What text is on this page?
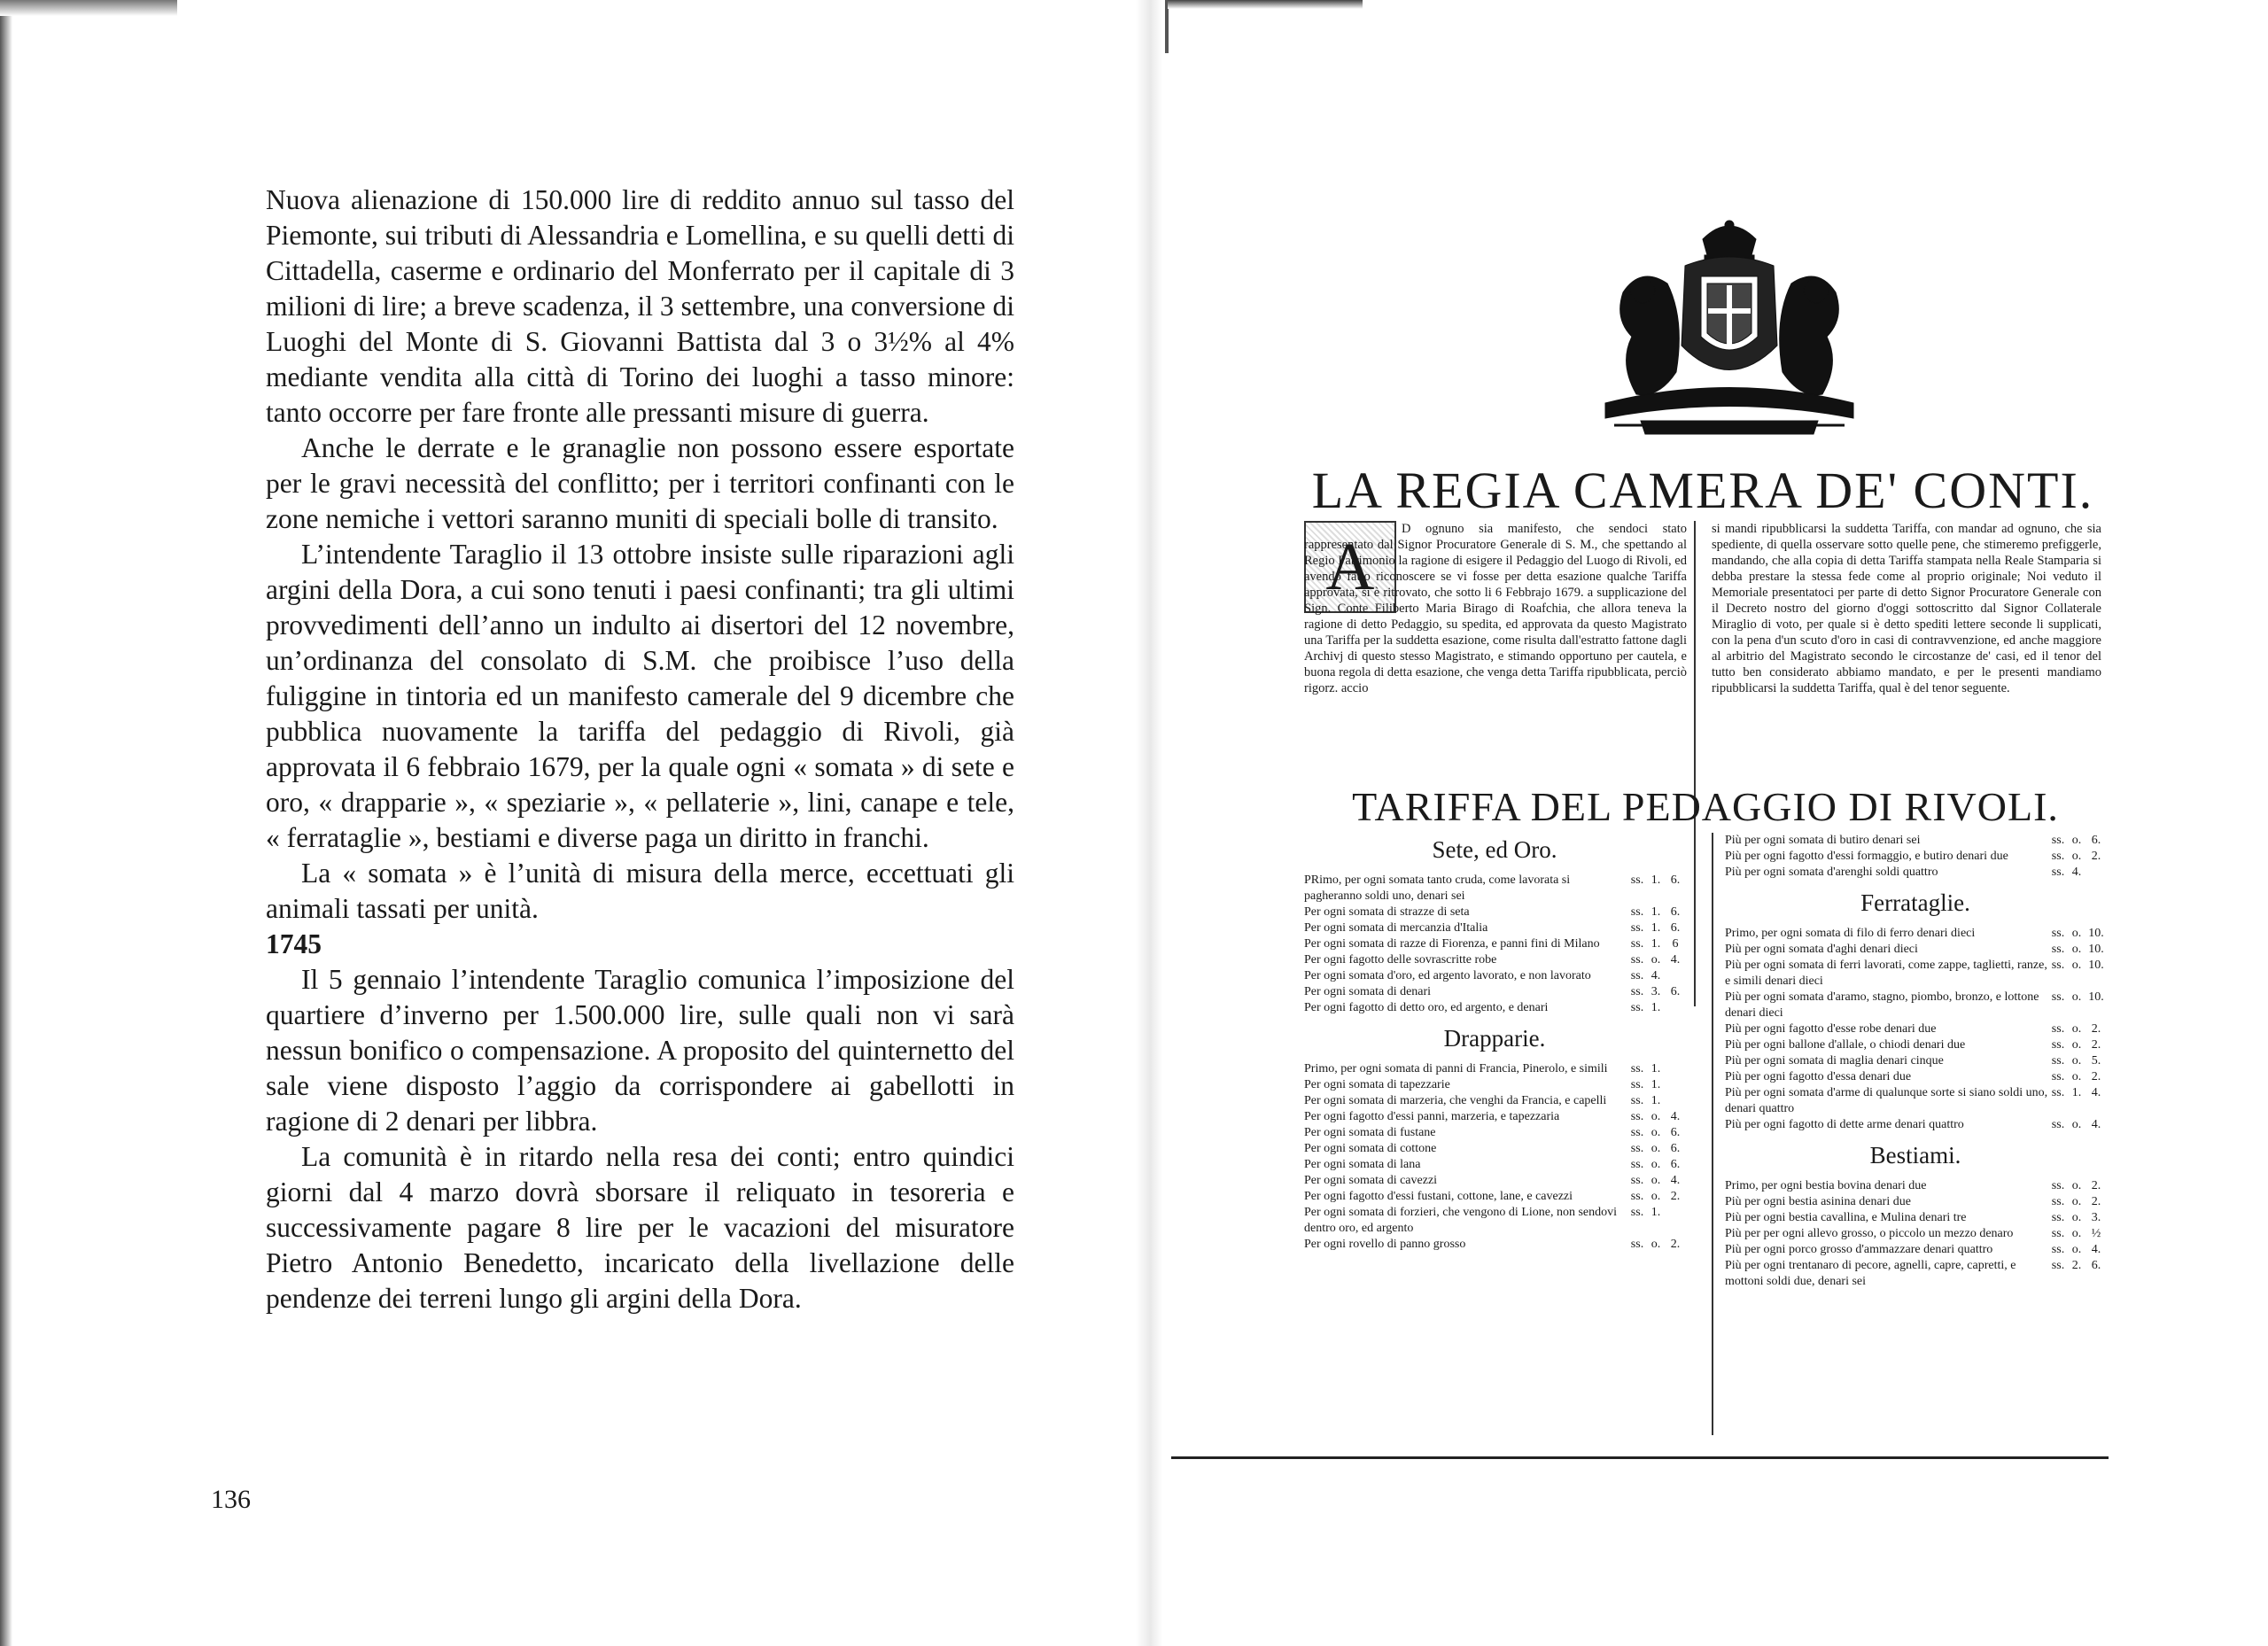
Nuova alienazione di 150.000 lire di reddito annuo sul tasso del Piemonte, sui tributi di Alessandria e Lomellina, e su quelli detti di Cittadella, caserme e ordinario del Monferrato per il capitale di 3 milioni di lire; a breve scadenza, il 3 settembre, una conversione di Luoghi del Monte di S. Giovanni Battista dal 3 o 3½% al 4% mediante vendita alla città di Torino dei luoghi a tasso minore: tanto occorre per fare fronte alle pressanti misure di guerra.

Anche le derrate e le granaglie non possono essere esportate per le gravi necessità del conflitto; per i territori confinanti con le zone nemiche i vettori saranno muniti di speciali bolle di transito.

L’intendente Taraglio il 13 ottobre insiste sulle riparazioni agli argini della Dora, a cui sono tenuti i paesi confinanti; tra gli ultimi provvedimenti dell’anno un indulto ai disertori del 12 novembre, un’ordinanza del consolato di S.M. che proibisce l’uso della fuliggine in tintoria ed un manifesto camerale del 9 dicembre che pubblica nuovamente la tariffa del pedaggio di Rivoli, già approvata il 6 febbraio 1679, per la quale ogni « somata » di sete e oro, « drapparie », « speziarie », « pellaterie », lini, canape e tele, « ferrataglie », bestiami e diverse paga un diritto in franchi.

La « somata » è l’unità di misura della merce, eccettuati gli animali tassati per unità.

1745

Il 5 gennaio l’intendente Taraglio comunica l’imposizione del quartiere d’inverno per 1.500.000 lire, sulle quali non vi sarà nessun bonifico o compensazione. A proposito del quinternetto del sale viene disposto l’aggio da corrispondere ai gabellotti in ragione di 2 denari per libbra.

La comunità è in ritardo nella resa dei conti; entro quindici giorni dal 4 marzo dovrà sborsare il reliquato in tesoreria e successivamente pagare 8 lire per le vacazioni del misuratore Pietro Antonio Benedetto, incaricato della livellazione delle pendenze dei terreni lungo gli argini della Dora.

136
LA REGIA CAMERA DE' CONTI.
A
D ognuno sia manifesto, che sendoci stato rappresentato dal Signor Procuratore Generale di S. M., che spettando al Regio Patrimonio la ragione di esigere il Pedaggio del Luogo di Rivoli, ed avendo fatto riconoscere se vi fosse per detta esazione qualche Tariffa approvata, si è ritrovato, che sotto li 6 Febbrajo 1679. a supplicazione del Sign. Conte Filiberto Maria Birago di Roafchia, che allora teneva la ragione di detto Pedaggio, su spedita, ed approvata da questo Magistrato una Tariffa per la suddetta esazione, come risulta dall'estratto fattone dagli Archivj di questo stesso Magistrato, e stimando opportuno per cautela, e buona regola di detta esazione, che venga detta Tariffa ripubblicata, perciò rigorz. accio
si mandi ripubblicarsi la suddetta Tariffa, con mandar ad ognuno, che sia spediente, di quella osservare sotto quelle pene, che stimeremo prefiggerle, mandando, che alla copia di detta Tariffa stampata nella Reale Stamparia si debba prestare la stessa fede come al proprio originale; Noi veduto il Memoriale presentatoci per parte di detto Signor Procuratore Generale con il Decreto nostro del giorno d'oggi sottoscritto dal Signor Collaterale Miraglio di voto, per quale si è detto spediti lettere seconde li supplicati, con la pena d'un scuto d'oro in casi di contravvenzione, ed anche maggiore al arbitrio del Magistrato secondo le circostanze de' casi, ed il tenor del tutto ben considerato abbiamo mandato, e per le presenti mandiamo ripubblicarsi la suddetta Tariffa, qual è del tenor seguente.
TARIFFA DEL PEDAGGIO DI RIVOLI.
Sete, ed Oro.
PRimo, per ogni somata tanto cruda, come lavorata si pagheranno soldi uno, denari sei
ss. 1. 6.
Per ogni somata di strazze di seta	ss. 1. 6.
Per ogni somata di mercanzia d'Italia	ss. 1. 6.
Per ogni somata di razze di Fiorenza, e panni fini di Milano	ss. 1. 6
Per ogni fagotto delle sovrascritte robe	ss. o. 4.
Per ogni somata d'oro, ed argento lavorato, e non lavorato	ss. 4.
Per ogni somata di denari	ss. 3. 6.
Per ogni fagotto di detto oro, ed argento, e denari	ss. 1.
Drapparie.
Primo, per ogni somata di panni di Francia, Pinerolo, e simili	ss. 1.
Per ogni somata di tapezzarie	ss. 1.
Per ogni somata di marzeria, che venghi da Francia, e capelli	ss. 1.
Per ogni fagotto d'essi panni, marzeria, e tapezzaria	ss. o. 4.
Per ogni somata di fustane	ss. o. 6.
Per ogni somata di cottone	ss. o. 6.
Per ogni somata di lana	ss. o. 6.
Per ogni somata di cavezzi	ss. o. 4.
Per ogni fagotto d'essi fustani, cottone, lane, e cavezzi	ss. o. 2.
Per ogni somata di forzieri, che vengono di Lione, non sendovi dentro oro, ed argento
ss. 1.
Per ogni rovello di panno grosso	ss. o. 2.
Più per ogni somata di butiro denari sei	ss. o. 6.
Più per ogni fagotto d'essi formaggio, e butiro denari due	ss. o. 2.
Più per ogni somata d'arenghi soldi quattro	ss. 4.
Ferrataglie.
Primo, per ogni somata di filo di ferro denari dieci	ss. o. 10.
Più per ogni somata d'aghi denari dieci	ss. o. 10.
Più per ogni somata di ferri lavorati, come zappe, taglietti, ranze, e simili denari dieci
ss. o. 10.
Più per ogni somata d'aramo, stagno, piombo, bronzo, e lottone denari dieci
ss. o. 10.
Più per ogni fagotto d'esse robe denari due	ss. o. 2.
Più per ogni ballone d'allale, o chiodi denari due	ss. o. 2.
Più per ogni somata di maglia denari cinque	ss. o. 5.
Più per ogni fagotto d'essa denari due	ss. o. 2.
Più per ogni somata d'arme di qualunque sorte si siano soldi uno, denari quattro
ss. 1. 4.
Più per ogni fagotto di dette arme denari quattro	ss. o. 4.
Bestiami.
Primo, per ogni bestia bovina denari due	ss. o. 2.
Più per ogni bestia asinina denari due	ss. o. 2.
Più per ogni bestia cavallina, e Mulina denari tre	ss. o. 3.
Più per per ogni allevo grosso, o piccolo un mezzo denaro	ss. o. ½
Più per ogni porco grosso d'ammazzare denari quattro	ss. o. 4.
Più per ogni trentanaro di pecore, agnelli, capre, capretti, e mottoni soldi due, denari sei
ss. 2. 6.
